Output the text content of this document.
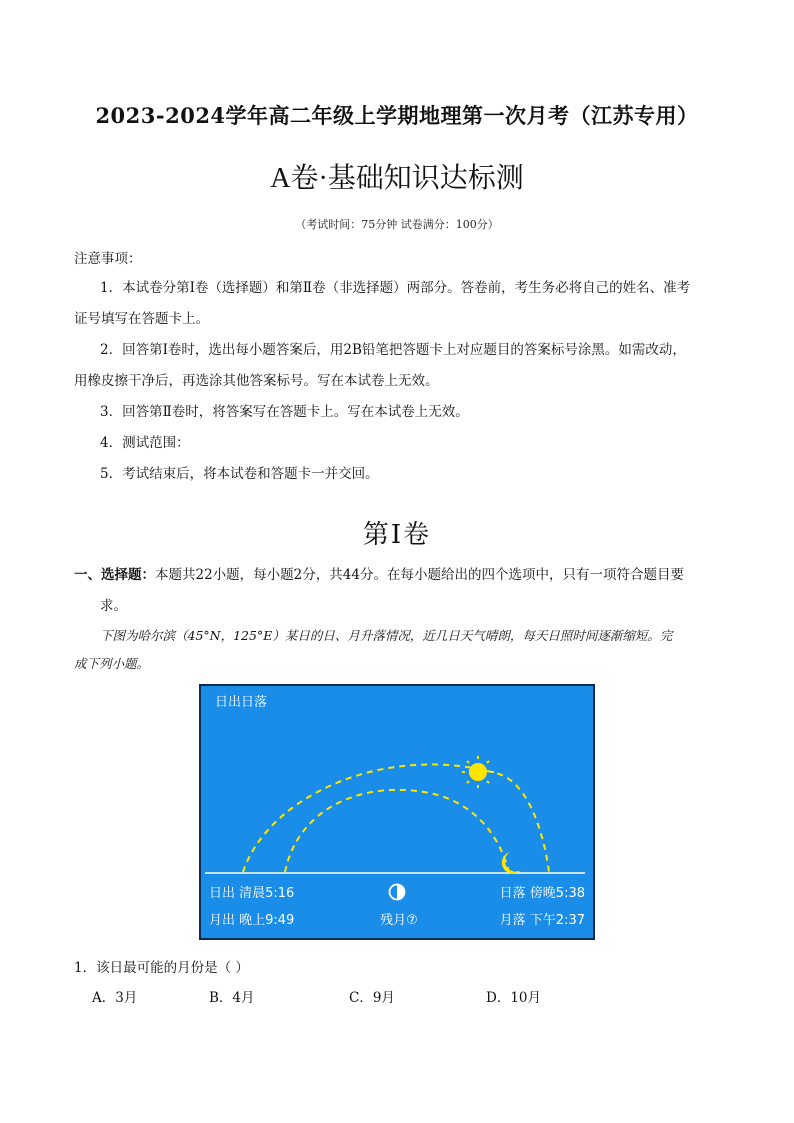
2023-2024学年高二年级上学期地理第一次月考（江苏专用）
A卷·基础知识达标测
（考试时间：75分钟 试卷满分：100分）
注意事项：
1．本试卷分第Ⅰ卷（选择题）和第Ⅱ卷（非选择题）两部分。答卷前，考生务必将自己的姓名、准考
证号填写在答题卡上。
2．回答第Ⅰ卷时，选出每小题答案后，用2B铅笔把答题卡上对应题目的答案标号涂黑。如需改动，
用橡皮擦干净后，再选涂其他答案标号。写在本试卷上无效。
3．回答第Ⅱ卷时，将答案写在答题卡上。写在本试卷上无效。
4．测试范围：
5．考试结束后，将本试卷和答题卡一并交回。
第Ⅰ卷
一、选择题：本题共22小题，每小题2分，共44分。在每小题给出的四个选项中，只有一项符合题目要
求。
下图为哈尔滨（45°N，125°E）某日的日、月升落情况，近几日天气晴朗，每天日照时间逐渐缩短。完
成下列小题。
日出日落
日出 清晨5:16	日落 傍晚5:38
月出 晚上9:49	月落 下午2:37
残月⑦
1．该日最可能的月份是（ ）
A．3月	B．4月	C．9月	D．10月
